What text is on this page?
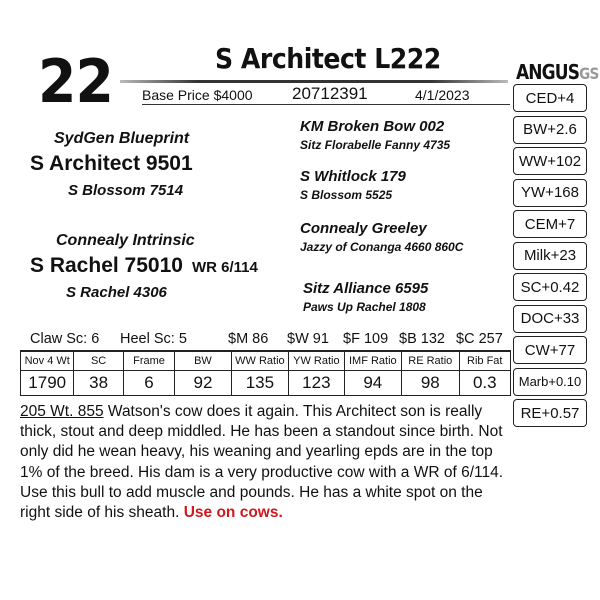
22	S Architect L222
Base Price $4000 20712391	4/1/2023
SydGen Blueprint
S Architect 9501
S Blossom 7514
Connealy Intrinsic
S Rachel 75010 WR 6/114
S Rachel 4306
KM Broken Bow 002
Sitz Florabelle Fanny 4735
S Whitlock 179
S Blossom 5525
Connealy Greeley
Jazzy of Conanga 4660 860C
Sitz Alliance 6595
Paws Up Rachel 1808
ANGUSGS
CED+4
BW+2.6
WW+102
YW+168
CEM+7
Milk+23
SC+0.42
DOC+33
CW+77
Marb+0.10
RE+0.57
Claw Sc: 6 Heel Sc: 5	$M 86 $W 91 $F 109 $B 132 $C 257
Nov 4 Wt	SC	Frame	BW	WW Ratio	YW Ratio	IMF Ratio	RE Ratio	Rib Fat
1790	38	6	92	135	123	94	98	0.3
205 Wt. 855 Watson's cow does it again. This Architect son is really thick, stout and deep middled. He has been a standout since birth. Not only did he wean heavy, his weaning and yearling epds are in the top 1% of the breed. His dam is a very productive cow with a WR of 6/114. Use this bull to add muscle and pounds. He has a white spot on the right side of his sheath. Use on cows.
